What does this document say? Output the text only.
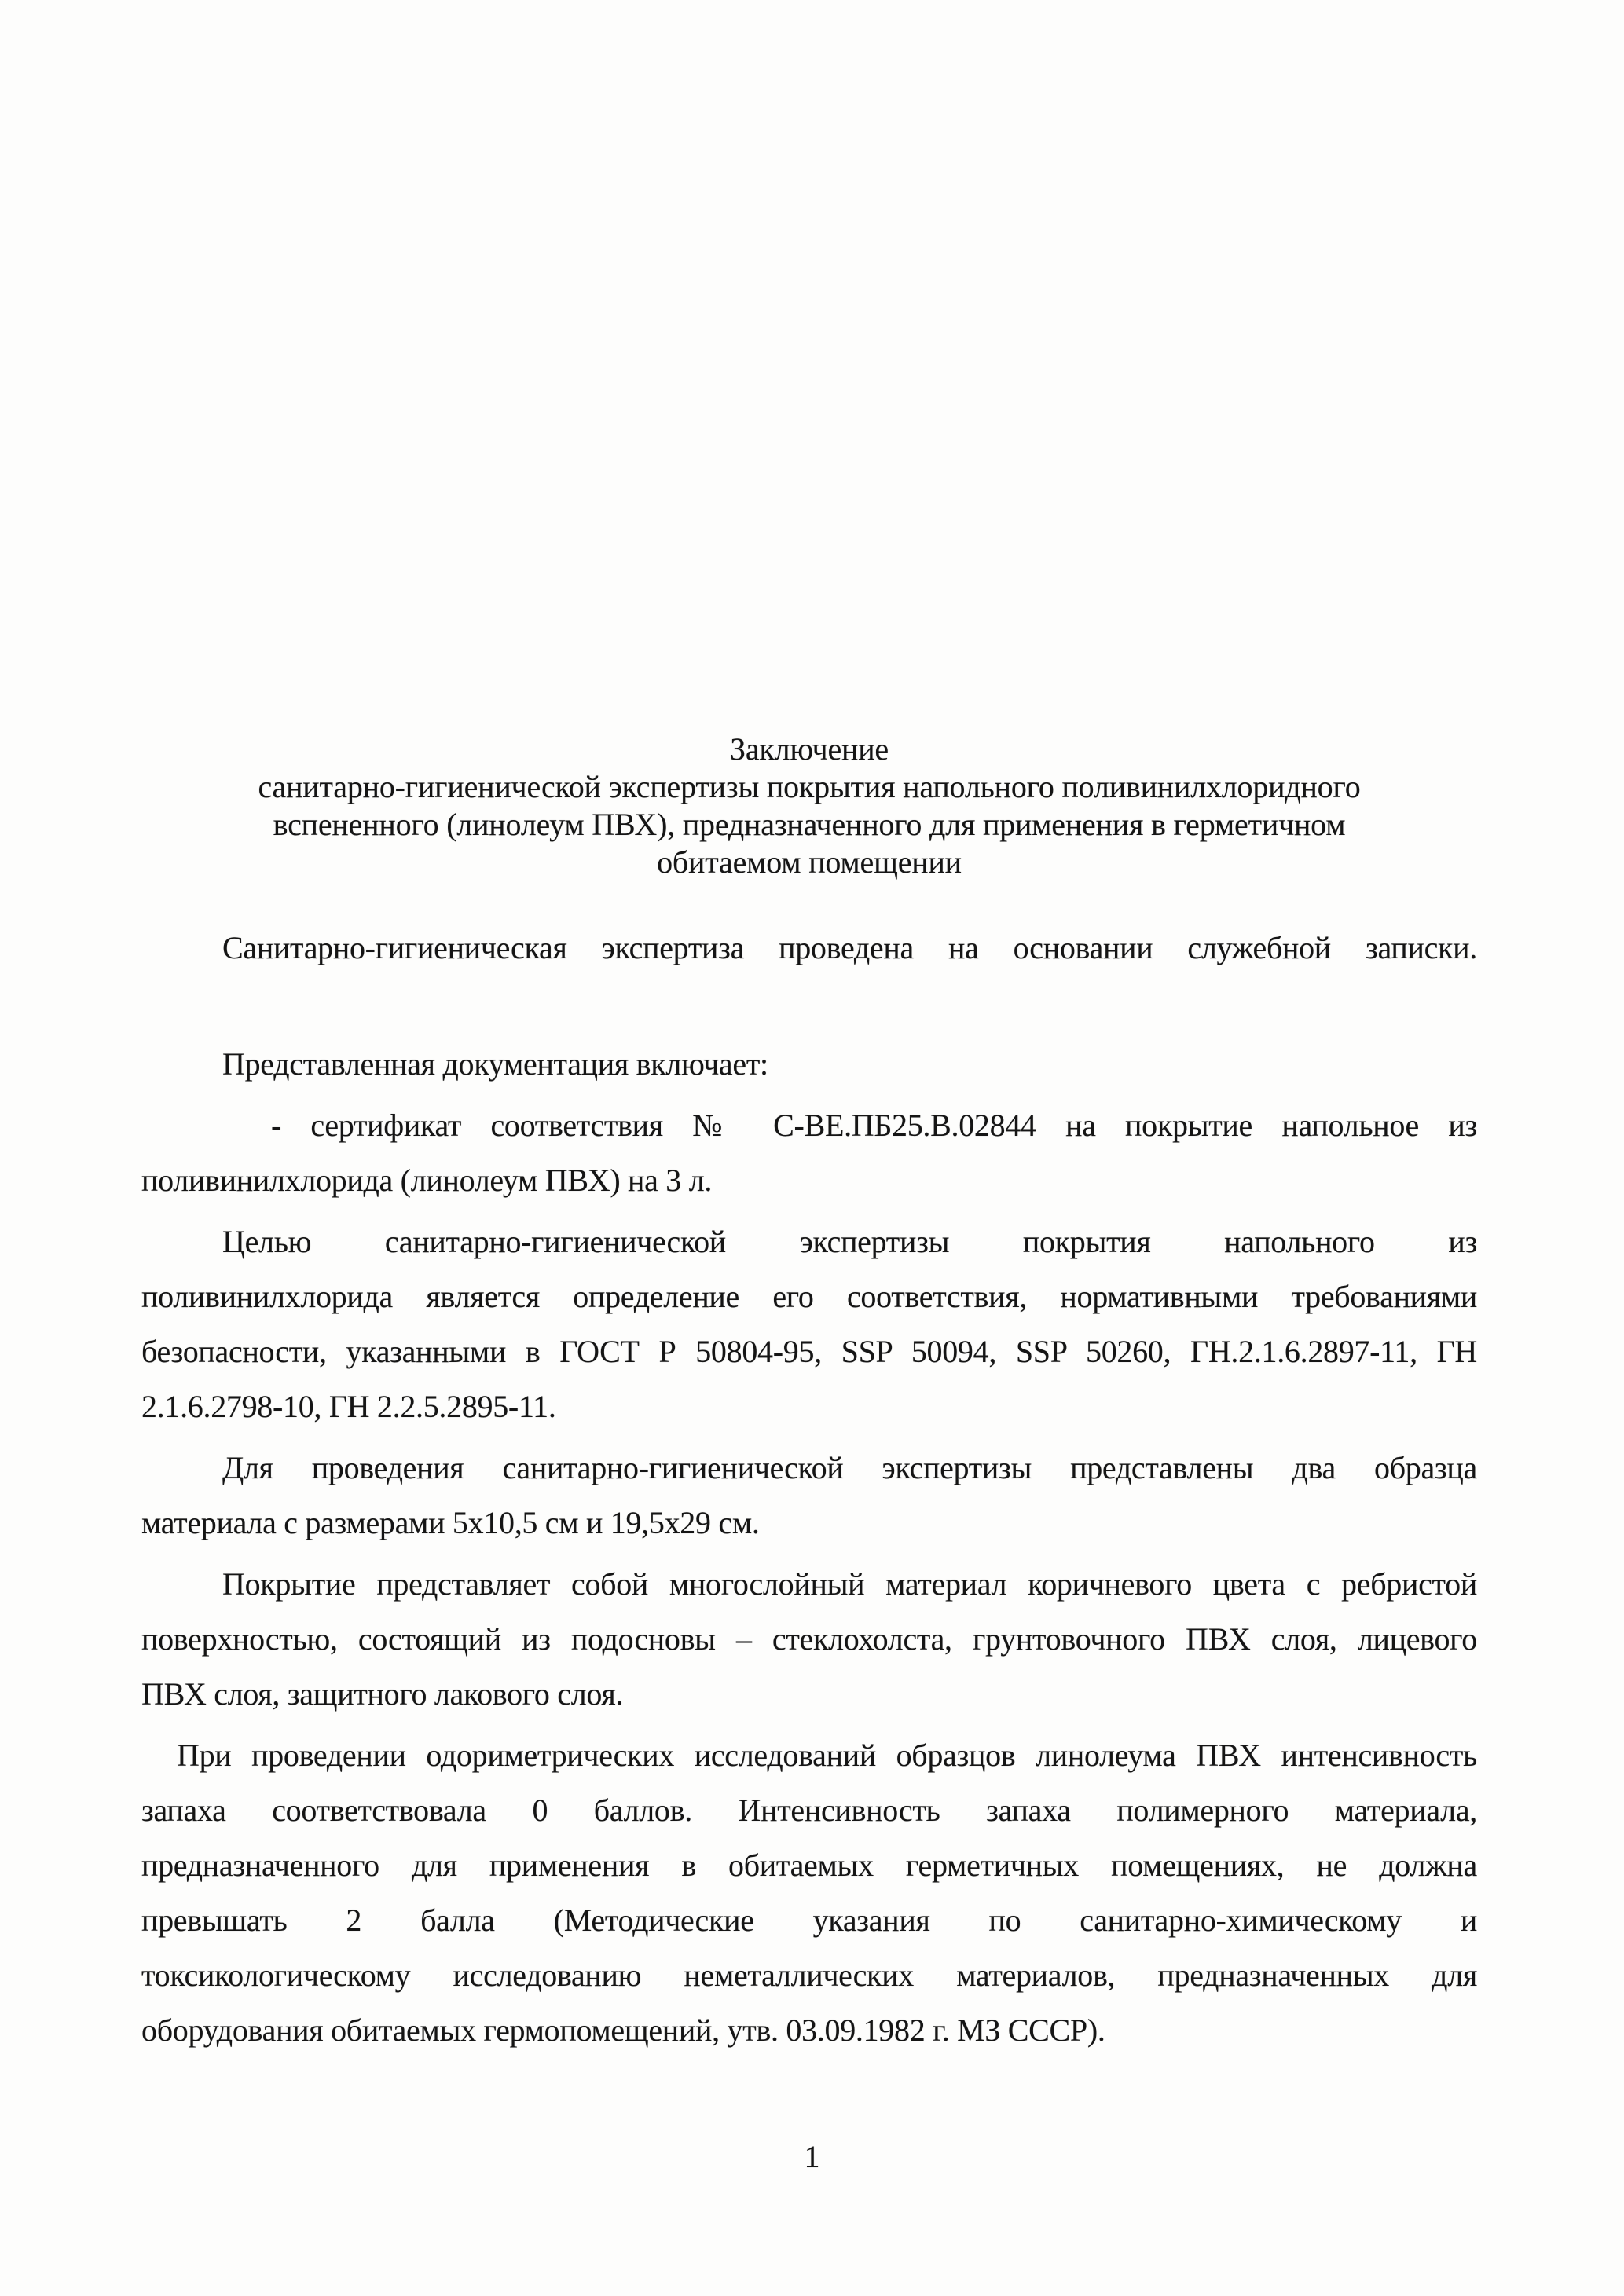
Заключение
санитарно-гигиенической экспертизы покрытия напольного поливинилхлоридного
вспененного (линолеум ПВХ), предназначенного для применения в герметичном
обитаемом помещении
Санитарно-гигиеническая экспертиза проведена на основании служебной записки.
Представленная документация включает:
- сертификат соответствия № С-ВЕ.ПБ25.В.02844 на покрытие напольное из
поливинилхлорида (линолеум ПВХ) на 3 л.
Целью санитарно-гигиенической экспертизы покрытия напольного из
поливинилхлорида является определение его соответствия, нормативными требованиями
безопасности, указанными в ГОСТ Р 50804-95, SSP 50094, SSP 50260, ГН.2.1.6.2897-11, ГН
2.1.6.2798-10, ГН 2.2.5.2895-11.
Для проведения санитарно-гигиенической экспертизы представлены два образца
материала с размерами 5х10,5 см и 19,5х29 см.
Покрытие представляет собой многослойный материал коричневого цвета с ребристой
поверхностью, состоящий из подосновы – стеклохолста, грунтовочного ПВХ слоя, лицевого
ПВХ слоя, защитного лакового слоя.
При проведении одориметрических исследований образцов линолеума ПВХ интенсивность
запаха соответствовала 0 баллов. Интенсивность запаха полимерного материала,
предназначенного для применения в обитаемых герметичных помещениях, не должна
превышать 2 балла (Методические указания по санитарно-химическому и
токсикологическому исследованию неметаллических материалов, предназначенных для
оборудования обитаемых гермопомещений, утв. 03.09.1982 г. МЗ СССР).
1
